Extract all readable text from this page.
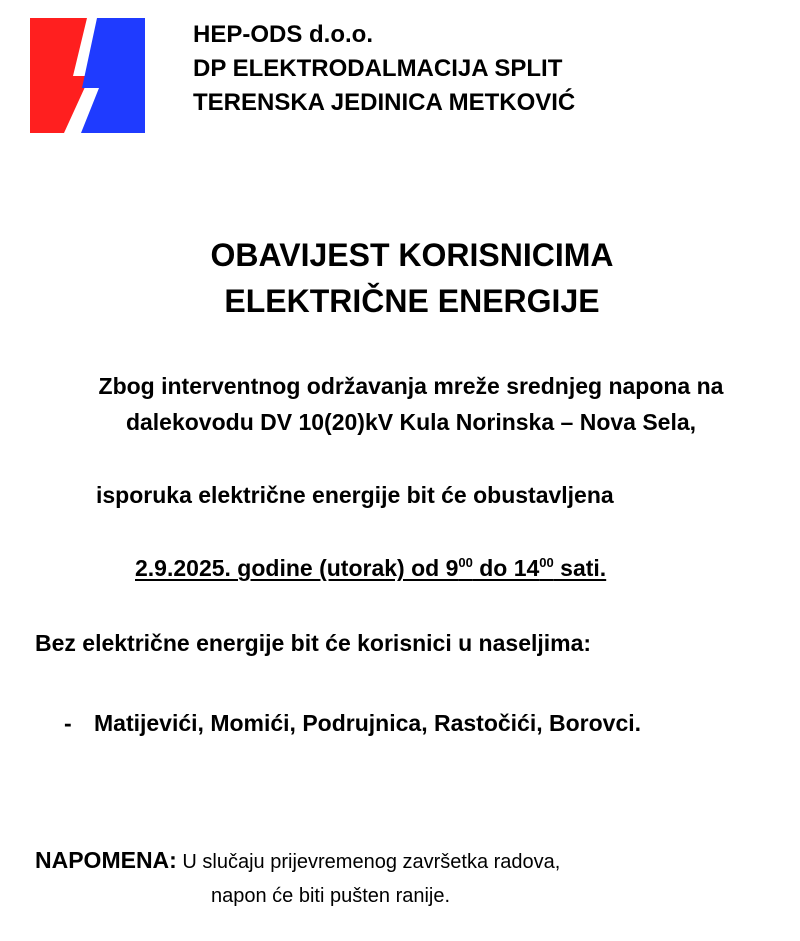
HEP-ODS d.o.o.
DP ELEKTRODALMACIJA SPLIT
TERENSKA JEDINICA METKOVIĆ
OBAVIJEST KORISNICIMA
ELEKTRIČNE ENERGIJE
Zbog interventnog održavanja mreže srednjeg napona na
dalekovodu DV 10(20)kV Kula Norinska – Nova Sela,
isporuka električne energije bit će obustavljena
2.9.2025. godine (utorak) od $9^{00}$ do $14^{00}$ sati.
Bez električne energije bit će korisnici u naseljima:
- Matijevići, Momići, Podrujnica, Rastočići, Borovci.
NAPOMENA: U slučaju prijevremenog završetka radova,
napon će biti pušten ranije.
